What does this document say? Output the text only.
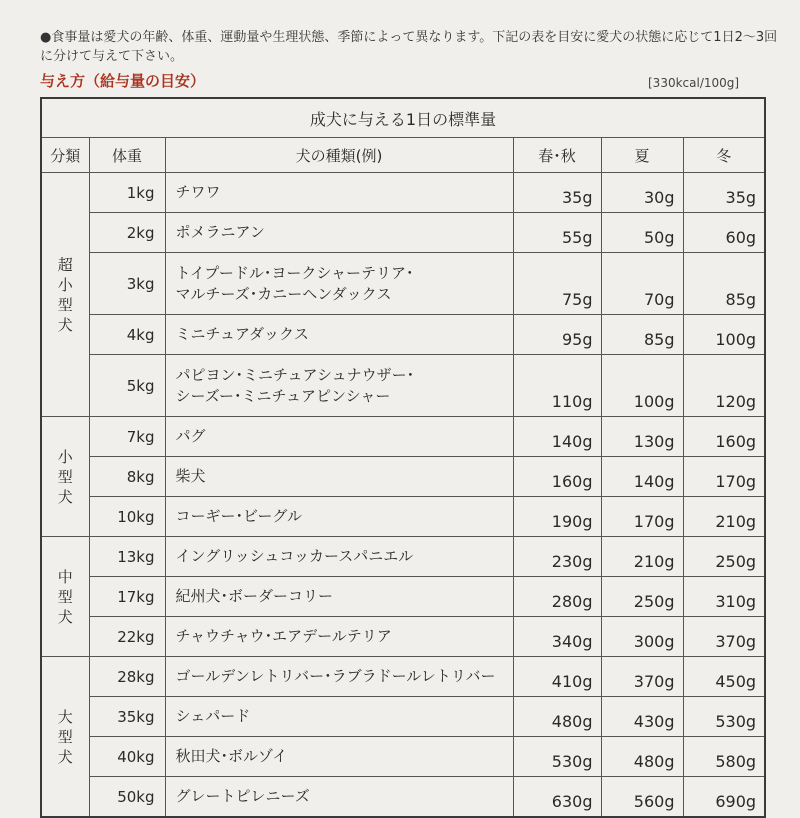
●食事量は愛犬の年齢、体重、運動量や生理状態、季節によって異なります。下記の表を目安に愛犬の状態に応じて1日2～3回に分けて与えて下さい。
与え方（給与量の目安）	[330kcal/100g]
成犬に与える1日の標準量					
分類	体重	犬の種類(例)	春･秋	夏	冬
超小型犬	1kg	チワワ	35g	30g	35g
	2kg	ポメラニアン	55g	50g	60g
	3kg	トイプードル･ヨークシャーテリア･
マルチーズ･カニーヘンダックス	75g	70g	85g
	4kg	ミニチュアダックス	95g	85g	100g
	5kg	パピヨン･ミニチュアシュナウザー･
シーズー･ミニチュアピンシャー	110g	100g	120g
小型犬	7kg	パグ	140g	130g	160g
	8kg	柴犬	160g	140g	170g
	10kg	コーギー･ビーグル	190g	170g	210g
中型犬	13kg	イングリッシュコッカースパニエル	230g	210g	250g
	17kg	紀州犬･ボーダーコリー	280g	250g	310g
	22kg	チャウチャウ･エアデールテリア	340g	300g	370g
大型犬	28kg	ゴールデンレトリバー･ラブラドールレトリバー	410g	370g	450g
	35kg	シェパード	480g	430g	530g
	40kg	秋田犬･ボルゾイ	530g	480g	580g
	50kg	グレートピレニーズ	630g	560g	690g
